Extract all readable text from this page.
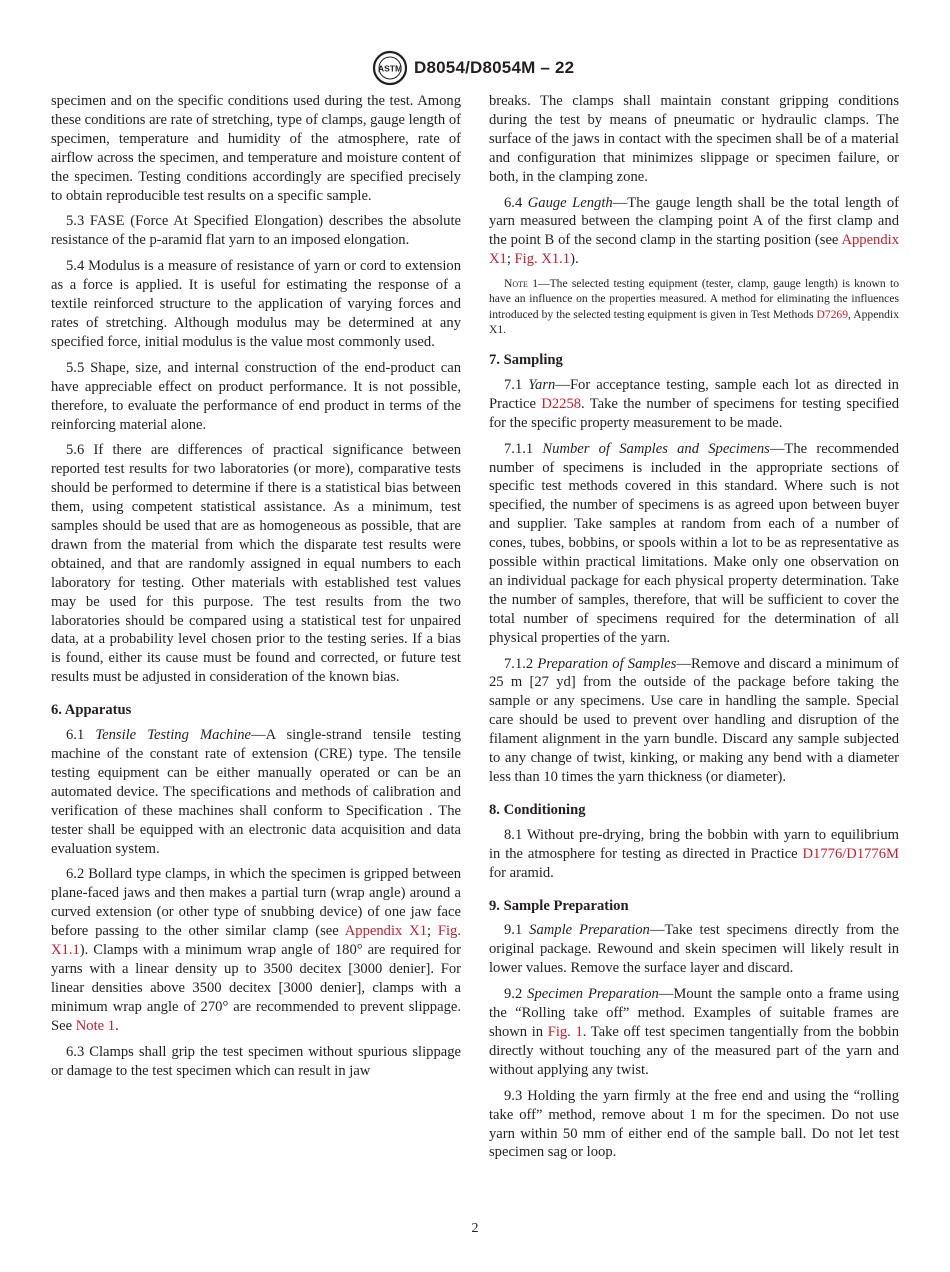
ASTM D8054/D8054M – 22

specimen and on the specific conditions used during the test. Among these conditions are rate of stretching, type of clamps, gauge length of specimen, temperature and humidity of the atmosphere, rate of airflow across the specimen, and temperature and moisture content of the specimen. Testing conditions accordingly are specified precisely to obtain reproducible test results on a specific sample.

5.3 FASE (Force At Specified Elongation) describes the absolute resistance of the p-aramid flat yarn to an imposed elongation.

5.4 Modulus is a measure of resistance of yarn or cord to extension as a force is applied. It is useful for estimating the response of a textile reinforced structure to the application of varying forces and rates of stretching. Although modulus may be determined at any specified force, initial modulus is the value most commonly used.

5.5 Shape, size, and internal construction of the end-product can have appreciable effect on product performance. It is not possible, therefore, to evaluate the performance of end product in terms of the reinforcing material alone.

5.6 If there are differences of practical significance between reported test results for two laboratories (or more), comparative tests should be performed to determine if there is a statistical bias between them, using competent statistical assistance. As a minimum, test samples should be used that are as homogeneous as possible, that are drawn from the material from which the disparate test results were obtained, and that are randomly assigned in equal numbers to each laboratory for testing. Other materials with established test values may be used for this purpose. The test results from the two laboratories should be compared using a statistical test for unpaired data, at a probability level chosen prior to the testing series. If a bias is found, either its cause must be found and corrected, or future test results must be adjusted in consideration of the known bias.

6. Apparatus

6.1 Tensile Testing Machine—A single-strand tensile testing machine of the constant rate of extension (CRE) type. The tensile testing equipment can be either manually operated or can be an automated device. The specifications and methods of calibration and verification of these machines shall conform to Specification . The tester shall be equipped with an electronic data acquisition and data evaluation system.

6.2 Bollard type clamps, in which the specimen is gripped between plane-faced jaws and then makes a partial turn (wrap angle) around a curved extension (or other type of snubbing device) of one jaw face before passing to the other similar clamp (see Appendix X1; Fig. X1.1). Clamps with a minimum wrap angle of 180° are required for yarns with a linear density up to 3500 decitex [3000 denier]. For linear densities above 3500 decitex [3000 denier], clamps with a minimum wrap angle of 270° are recommended to prevent slippage. See Note 1.

6.3 Clamps shall grip the test specimen without spurious slippage or damage to the test specimen which can result in jaw

breaks. The clamps shall maintain constant gripping conditions during the test by means of pneumatic or hydraulic clamps. The surface of the jaws in contact with the specimen shall be of a material and configuration that minimizes slippage or specimen failure, or both, in the clamping zone.

6.4 Gauge Length—The gauge length shall be the total length of yarn measured between the clamping point A of the first clamp and the point B of the second clamp in the starting position (see Appendix X1; Fig. X1.1).

Note 1—The selected testing equipment (tester, clamp, gauge length) is known to have an influence on the properties measured. A method for eliminating the influences introduced by the selected testing equipment is given in Test Methods D7269, Appendix X1.

7. Sampling

7.1 Yarn—For acceptance testing, sample each lot as directed in Practice D2258. Take the number of specimens for testing specified for the specific property measurement to be made.

7.1.1 Number of Samples and Specimens—The recommended number of specimens is included in the appropriate sections of specific test methods covered in this standard. Where such is not specified, the number of specimens is as agreed upon between buyer and supplier. Take samples at random from each of a number of cones, tubes, bobbins, or spools within a lot to be as representative as possible within practical limitations. Make only one observation on an individual package for each physical property determination. Take the number of samples, therefore, that will be sufficient to cover the total number of specimens required for the determination of all physical properties of the yarn.

7.1.2 Preparation of Samples—Remove and discard a minimum of 25 m [27 yd] from the outside of the package before taking the sample or any specimens. Use care in handling the sample. Special care should be used to prevent over handling and disruption of the filament alignment in the yarn bundle. Discard any sample subjected to any change of twist, kinking, or making any bend with a diameter less than 10 times the yarn thickness (or diameter).

8. Conditioning

8.1 Without pre-drying, bring the bobbin with yarn to equilibrium in the atmosphere for testing as directed in Practice D1776/D1776M for aramid.

9. Sample Preparation

9.1 Sample Preparation—Take test specimens directly from the original package. Rewound and skein specimen will likely result in lower values. Remove the surface layer and discard.

9.2 Specimen Preparation—Mount the sample onto a frame using the “Rolling take off” method. Examples of suitable frames are shown in Fig. 1. Take off test specimen tangentially from the bobbin directly without touching any of the measured part of the yarn and without applying any twist.

9.3 Holding the yarn firmly at the free end and using the “rolling take off” method, remove about 1 m for the specimen. Do not use yarn within 50 mm of either end of the sample ball. Do not let test specimen sag or loop.

2
